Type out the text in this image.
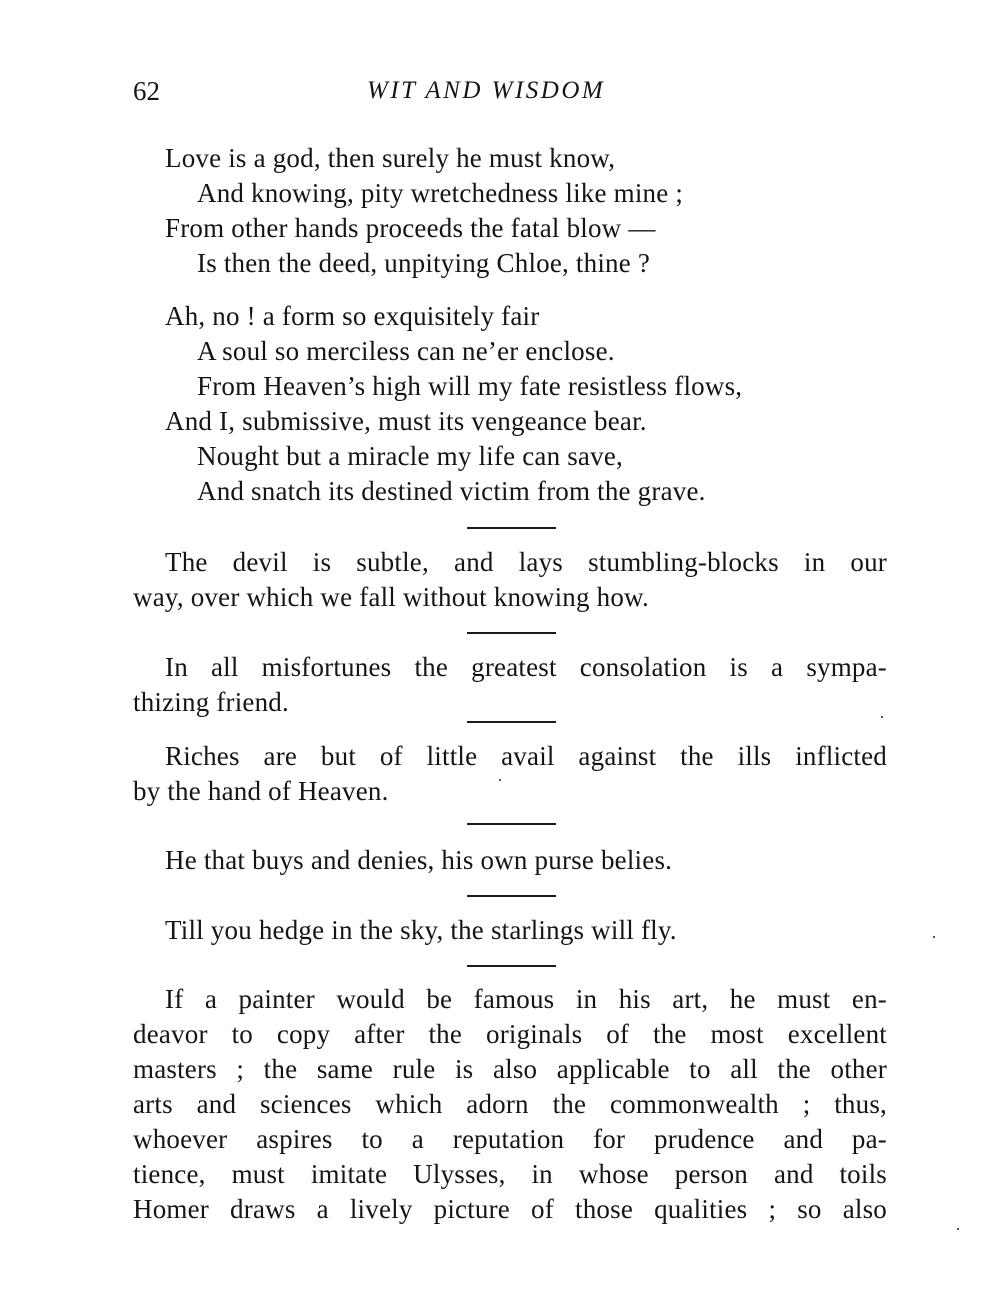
62	WIT AND WISDOM
Love is a god, then surely he must know,
And knowing, pity wretchedness like mine ;
From other hands proceeds the fatal blow —
Is then the deed, unpitying Chloe, thine ?
Ah, no ! a form so exquisitely fair
A soul so merciless can ne’er enclose.
From Heaven’s high will my fate resistless flows,
And I, submissive, must its vengeance bear.
Nought but a miracle my life can save,
And snatch its destined victim from the grave.
The devil is subtle, and lays stumbling-blocks in our
way, over which we fall without knowing how.
In all misfortunes the greatest consolation is a sympa-
thizing friend.
Riches are but of little avail against the ills inflicted
by the hand of Heaven.
He that buys and denies, his own purse belies.
Till you hedge in the sky, the starlings will fly.
If a painter would be famous in his art, he must en-
deavor to copy after the originals of the most excellent
masters ; the same rule is also applicable to all the other
arts and sciences which adorn the commonwealth ; thus,
whoever aspires to a reputation for prudence and pa-
tience, must imitate Ulysses, in whose person and toils
Homer draws a lively picture of those qualities ; so also
